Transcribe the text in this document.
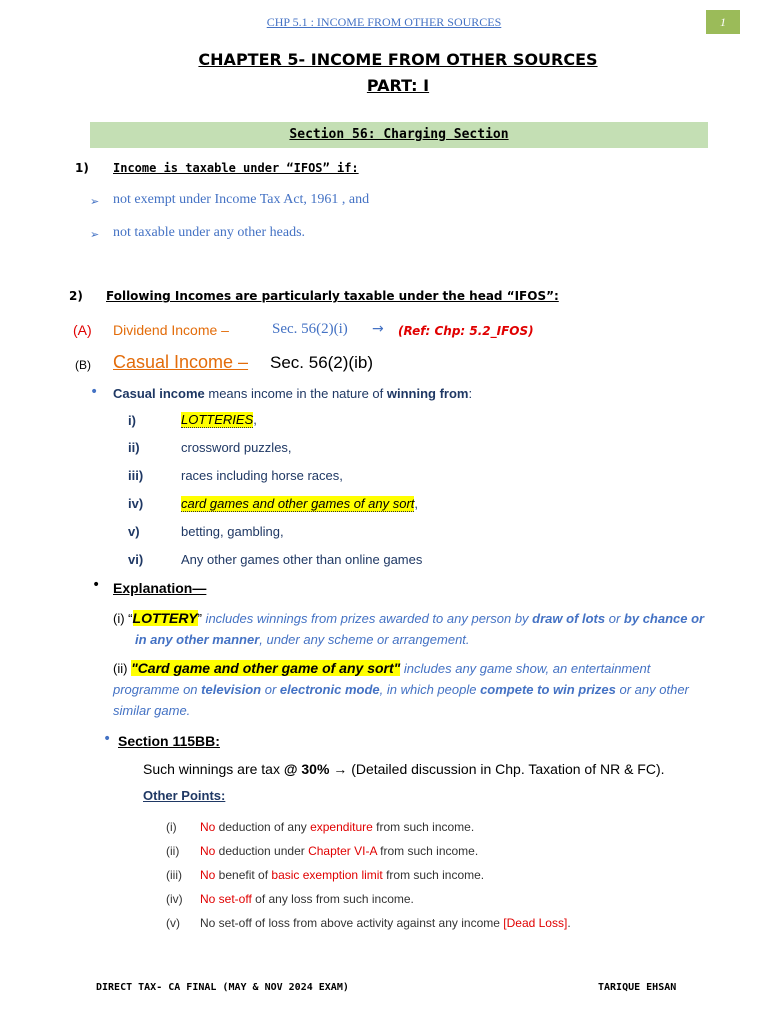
CHP 5.1 : INCOME FROM OTHER SOURCES	1
CHAPTER 5- INCOME FROM OTHER SOURCES
PART: I
Section 56: Charging Section
1) Income is taxable under “IFOS” if:
➢ not exempt under Income Tax Act, 1961 , and
➢ not taxable under any other heads.
2) Following Incomes are particularly taxable under the head “IFOS”:
(A) Dividend Income –	Sec. 56(2)(i) → (Ref: Chp: 5.2_IFOS)
(B) Casual Income – Sec. 56(2)(ib)
• Casual income means income in the nature of winning from:
i)	LOTTERIES,
ii)	crossword puzzles,
iii)	races including horse races,
iv)	card games and other games of any sort,
v)	betting, gambling,
vi)	Any other games other than online games
• Explanation—
(i) “LOTTERY” includes winnings from prizes awarded to any person by draw of lots or by chance or in any other manner, under any scheme or arrangement.
(ii) "Card game and other game of any sort" includes any game show, an entertainment programme on television or electronic mode, in which people compete to win prizes or any other similar game.
• Section 115BB:
Such winnings are tax @ 30% → (Detailed discussion in Chp. Taxation of NR & FC).
Other Points:
(i) No deduction of any expenditure from such income.
(ii) No deduction under Chapter VI-A from such income.
(iii) No benefit of basic exemption limit from such income.
(iv) No set-off of any loss from such income.
(v) No set-off of loss from above activity against any income [Dead Loss].
DIRECT TAX- CA FINAL (MAY & NOV 2024 EXAM)	TARIQUE EHSAN
